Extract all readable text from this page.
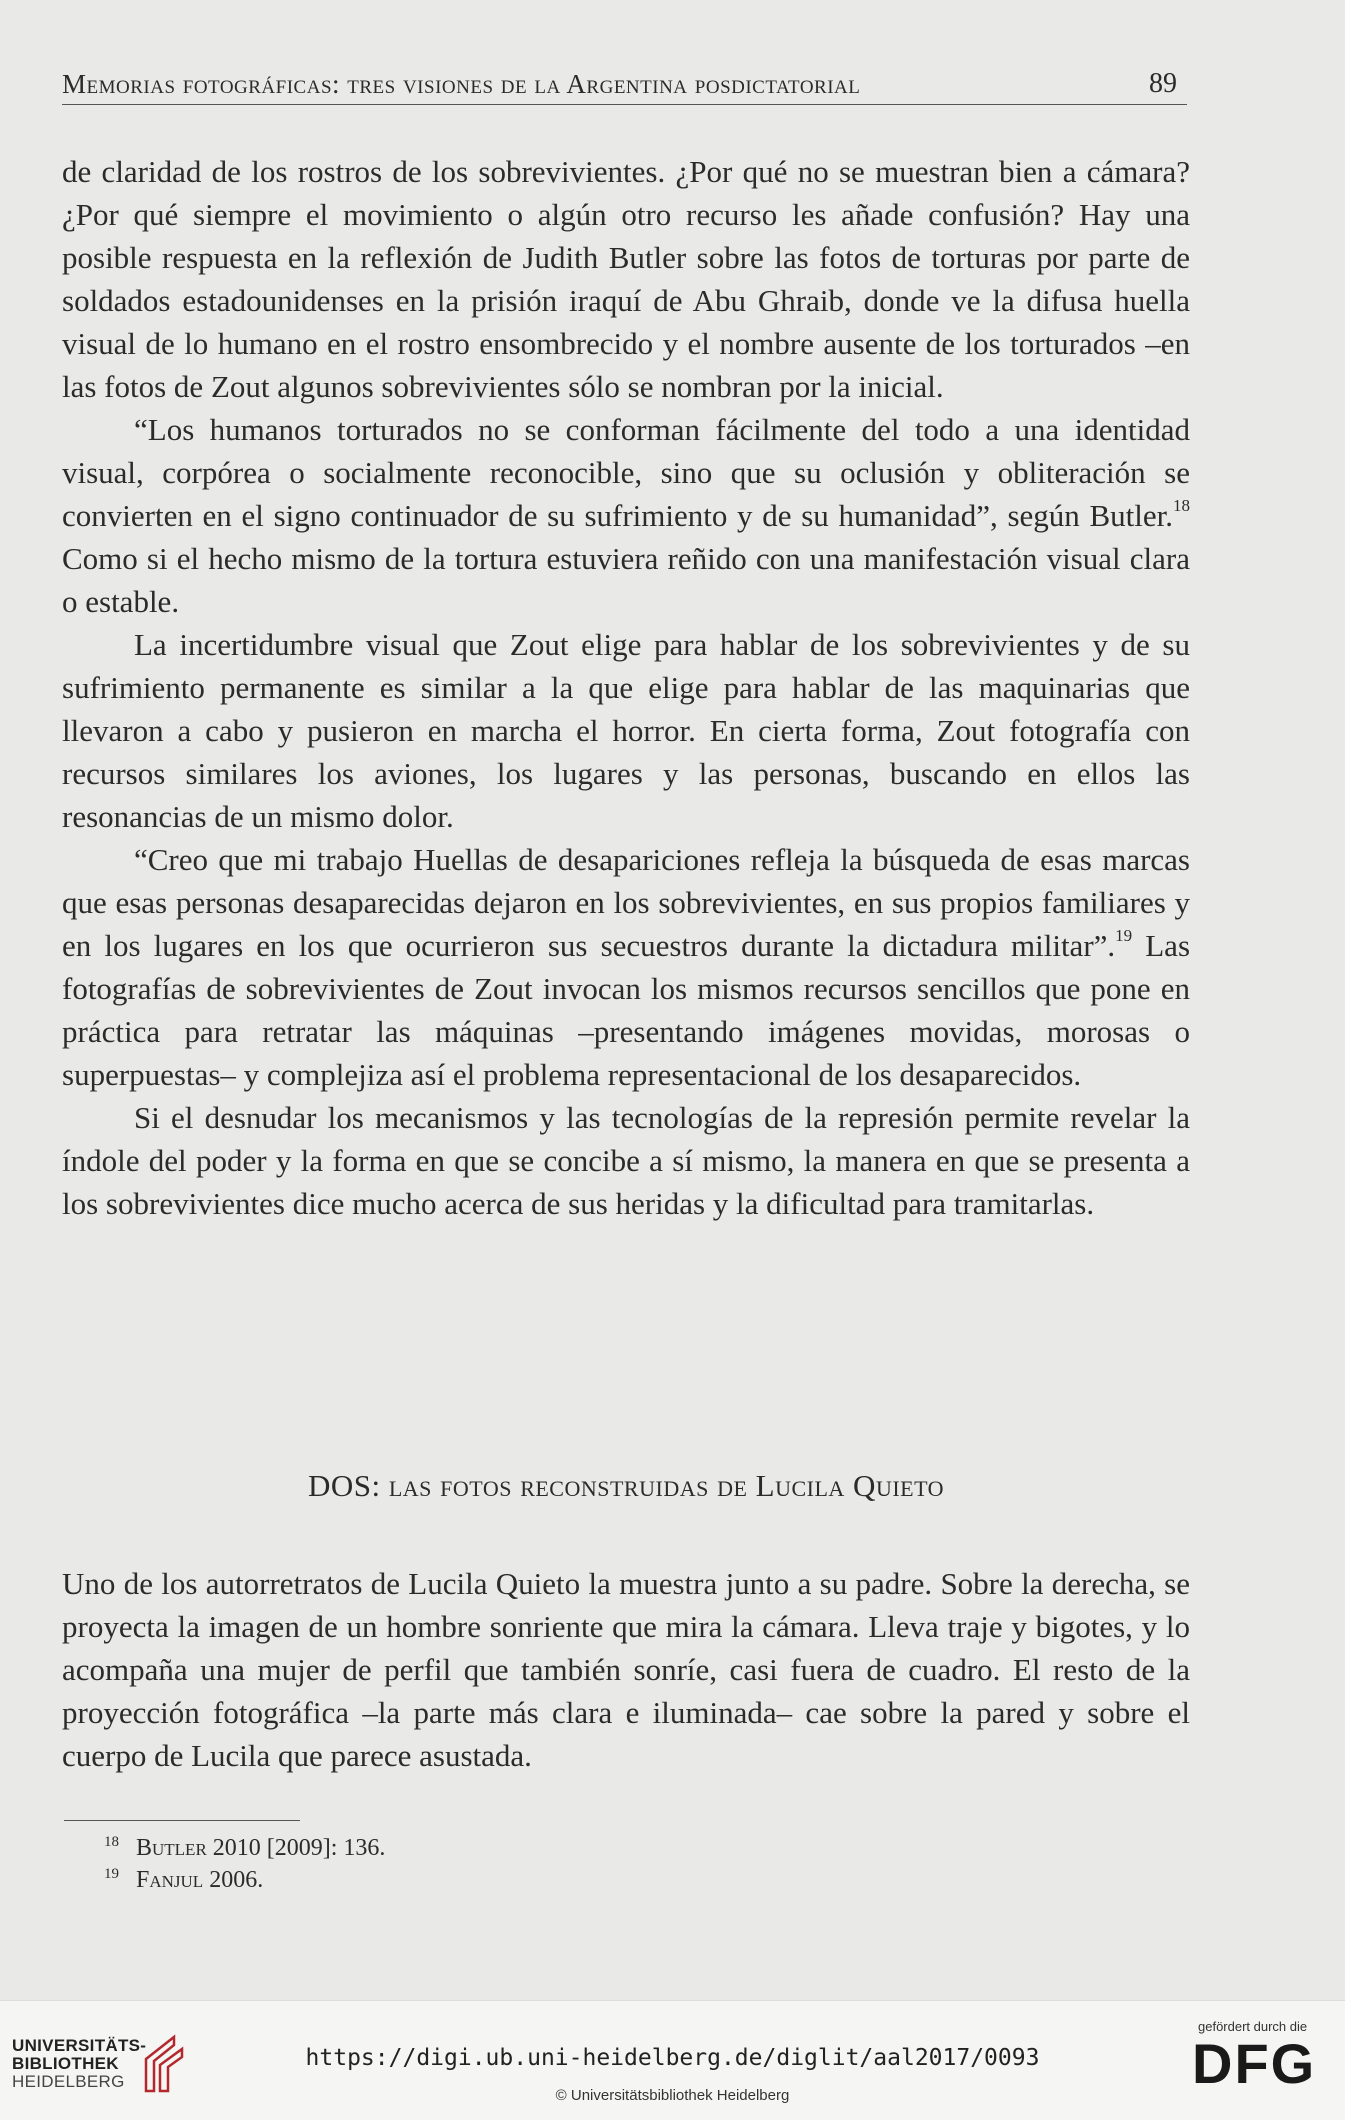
Memorias fotográficas: tres visiones de la Argentina posdictatorial	89

de claridad de los rostros de los sobrevivientes. ¿Por qué no se muestran bien a cámara? ¿Por qué siempre el movimiento o algún otro recurso les añade confusión? Hay una posible respuesta en la reflexión de Judith Butler sobre las fotos de torturas por parte de soldados estadounidenses en la prisión iraquí de Abu Ghraib, donde ve la difusa huella visual de lo humano en el rostro ensombrecido y el nombre ausente de los torturados –en las fotos de Zout algunos sobrevivientes sólo se nombran por la inicial.

“Los humanos torturados no se conforman fácilmente del todo a una identidad visual, corpórea o socialmente reconocible, sino que su oclusión y obliteración se convierten en el signo continuador de su sufrimiento y de su humanidad”, según Butler.$^{18}$ Como si el hecho mismo de la tortura estuviera reñido con una manifestación visual clara o estable.

La incertidumbre visual que Zout elige para hablar de los sobrevivientes y de su sufrimiento permanente es similar a la que elige para hablar de las maquinarias que llevaron a cabo y pusieron en marcha el horror. En cierta forma, Zout fotografía con recursos similares los aviones, los lugares y las personas, buscando en ellos las resonancias de un mismo dolor.

“Creo que mi trabajo Huellas de desapariciones refleja la búsqueda de esas marcas que esas personas desaparecidas dejaron en los sobrevivientes, en sus propios familiares y en los lugares en los que ocurrieron sus secuestros durante la dictadura militar”.$^{19}$ Las fotografías de sobrevivientes de Zout invocan los mismos recursos sencillos que pone en práctica para retratar las máquinas –presentando imágenes movidas, morosas o superpuestas– y complejiza así el problema representacional de los desaparecidos.

Si el desnudar los mecanismos y las tecnologías de la represión permite revelar la índole del poder y la forma en que se concibe a sí mismo, la manera en que se presenta a los sobrevivientes dice mucho acerca de sus heridas y la dificultad para tramitarlas.

DOS: las fotos reconstruidas de Lucila Quieto

Uno de los autorretratos de Lucila Quieto la muestra junto a su padre. Sobre la derecha, se proyecta la imagen de un hombre sonriente que mira la cámara. Lleva traje y bigotes, y lo acompaña una mujer de perfil que también sonríe, casi fuera de cuadro. El resto de la proyección fotográfica –la parte más clara e iluminada– cae sobre la pared y sobre el cuerpo de Lucila que parece asustada.

18 Butler 2010 [2009]: 136.
19 Fanjul 2006.
UNIVERSITÄTS-
BIBLIOTHEK
HEIDELBERG
https://digi.ub.uni-heidelberg.de/diglit/aal2017/0093
© Universitätsbibliothek Heidelberg
gefördert durch die
DFG
